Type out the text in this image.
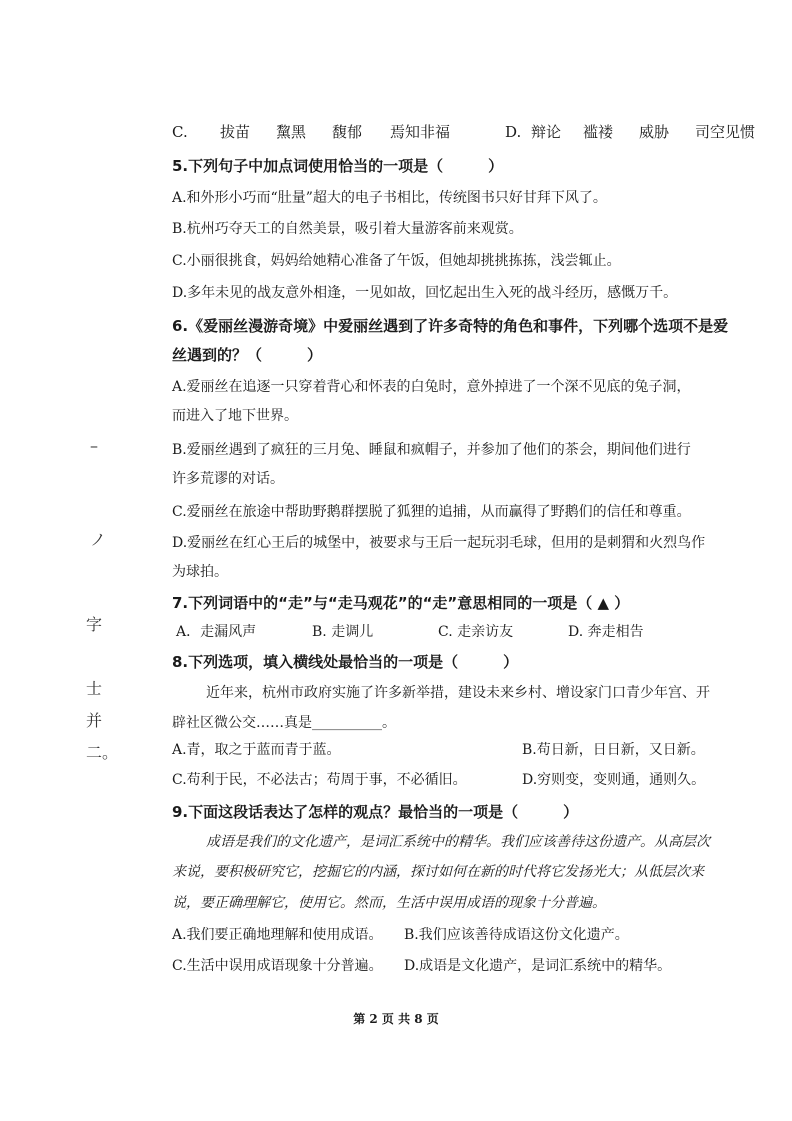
–
ノ
字
士
并
二。
C.	拔苗	黧黑	馥郁	焉知非福	D. 辩论	褴褛	威胁	司空见惯
5.下列句子中加点词使用恰当的一项是（　　　）
A.和外形小巧而“肚量”超大的电子书相比，传统图书只好甘拜下风了。
B.杭州巧夺天工的自然美景，吸引着大量游客前来观赏。
C.小丽很挑食，妈妈给她精心准备了午饭，但她却挑挑拣拣，浅尝辄止。
D.多年未见的战友意外相逢，一见如故，回忆起出生入死的战斗经历，感慨万千。
6.《爱丽丝漫游奇境》中爱丽丝遇到了许多奇特的角色和事件，下列哪个选项不是爱
丝遇到的？（　　　）
A.爱丽丝在追逐一只穿着背心和怀表的白兔时，意外掉进了一个深不见底的兔子洞，
而进入了地下世界。
B.爱丽丝遇到了疯狂的三月兔、睡鼠和疯帽子，并参加了他们的茶会，期间他们进行
许多荒谬的对话。
C.爱丽丝在旅途中帮助野鹅群摆脱了狐狸的追捕，从而赢得了野鹅们的信任和尊重。
D.爱丽丝在红心王后的城堡中，被要求与王后一起玩羽毛球，但用的是刺猬和火烈鸟作
为球拍。
7.下列词语中的“走”与“走马观花”的“走”意思相同的一项是（ ▲ ）
A．走漏风声	B. 走调儿	C. 走亲访友	D. 奔走相告
8.下列选项，填入横线处最恰当的一项是（　　　）
近年来，杭州市政府实施了许多新举措，建设未来乡村、增设家门口青少年宫、开
辟社区微公交……真是__________。
A.青，取之于蓝而青于蓝。	B.苟日新，日日新，又日新。
C.苟利于民，不必法古；苟周于事，不必循旧。	D.穷则变，变则通，通则久。
9.下面这段话表达了怎样的观点？最恰当的一项是（　　　）
成语是我们的文化遗产，是词汇系统中的精华。我们应该善待这份遗产。从高层次
来说，要积极研究它，挖掘它的内涵，探讨如何在新的时代将它发扬光大；从低层次来
说，要正确理解它，使用它。然而，生活中误用成语的现象十分普遍。
A.我们要正确地理解和使用成语。 B.我们应该善待成语这份文化遗产。
C.生活中误用成语现象十分普遍。 D.成语是文化遗产，是词汇系统中的精华。
第 2 页 共 8 页
